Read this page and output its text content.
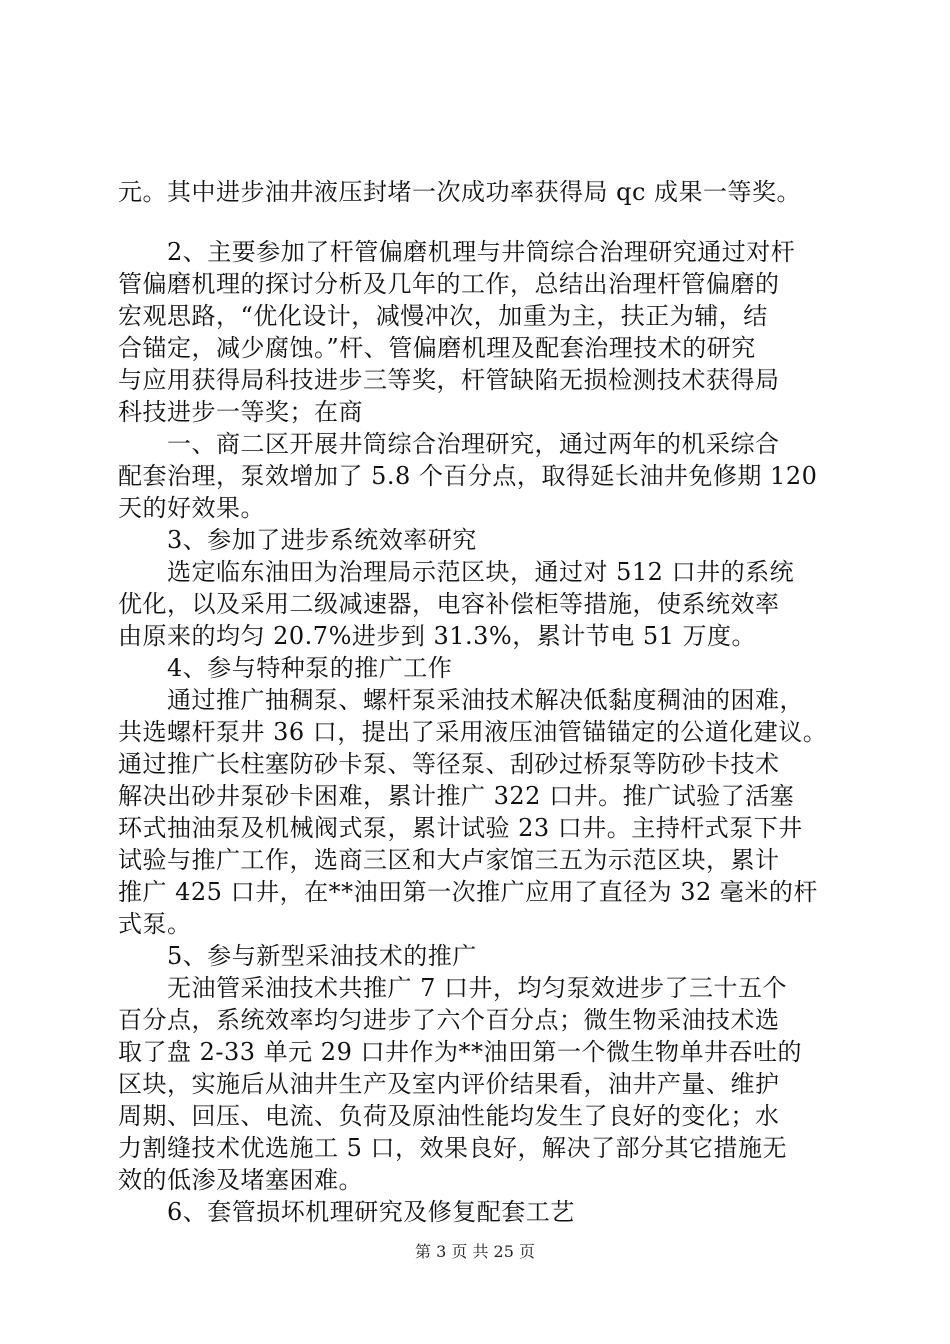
元。其中进步油井液压封堵一次成功率获得局 qc 成果一等奖。
　　2、主要参加了杆管偏磨机理与井筒综合治理研究通过对杆
管偏磨机理的探讨分析及几年的工作，总结出治理杆管偏磨的
宏观思路，“优化设计，减慢冲次，加重为主，扶正为辅，结
合锚定，减少腐蚀。”杆、管偏磨机理及配套治理技术的研究
与应用获得局科技进步三等奖，杆管缺陷无损检测技术获得局
科技进步一等奖；在商
　　一、商二区开展井筒综合治理研究，通过两年的机采综合
配套治理，泵效增加了 5.8 个百分点，取得延长油井免修期 120
天的好效果。
　　3、参加了进步系统效率研究
　　选定临东油田为治理局示范区块，通过对 512 口井的系统
优化，以及采用二级减速器，电容补偿柜等措施，使系统效率
由原来的均匀 20.7%进步到 31.3%，累计节电 51 万度。
　　4、参与特种泵的推广工作
　　通过推广抽稠泵、螺杆泵采油技术解决低黏度稠油的困难，
共选螺杆泵井 36 口，提出了采用液压油管锚锚定的公道化建议。
通过推广长柱塞防砂卡泵、等径泵、刮砂过桥泵等防砂卡技术
解决出砂井泵砂卡困难，累计推广 322 口井。推广试验了活塞
环式抽油泵及机械阀式泵，累计试验 23 口井。主持杆式泵下井
试验与推广工作，选商三区和大卢家馆三五为示范区块，累计
推广 425 口井，在**油田第一次推广应用了直径为 32 毫米的杆
式泵。
　　5、参与新型采油技术的推广
　　无油管采油技术共推广 7 口井，均匀泵效进步了三十五个
百分点，系统效率均匀进步了六个百分点；微生物采油技术选
取了盘 2-33 单元 29 口井作为**油田第一个微生物单井吞吐的
区块，实施后从油井生产及室内评价结果看，油井产量、维护
周期、回压、电流、负荷及原油性能均发生了良好的变化；水
力割缝技术优选施工 5 口，效果良好，解决了部分其它措施无
效的低渗及堵塞困难。
　　6、套管损坏机理研究及修复配套工艺
第 3 页 共 25 页
